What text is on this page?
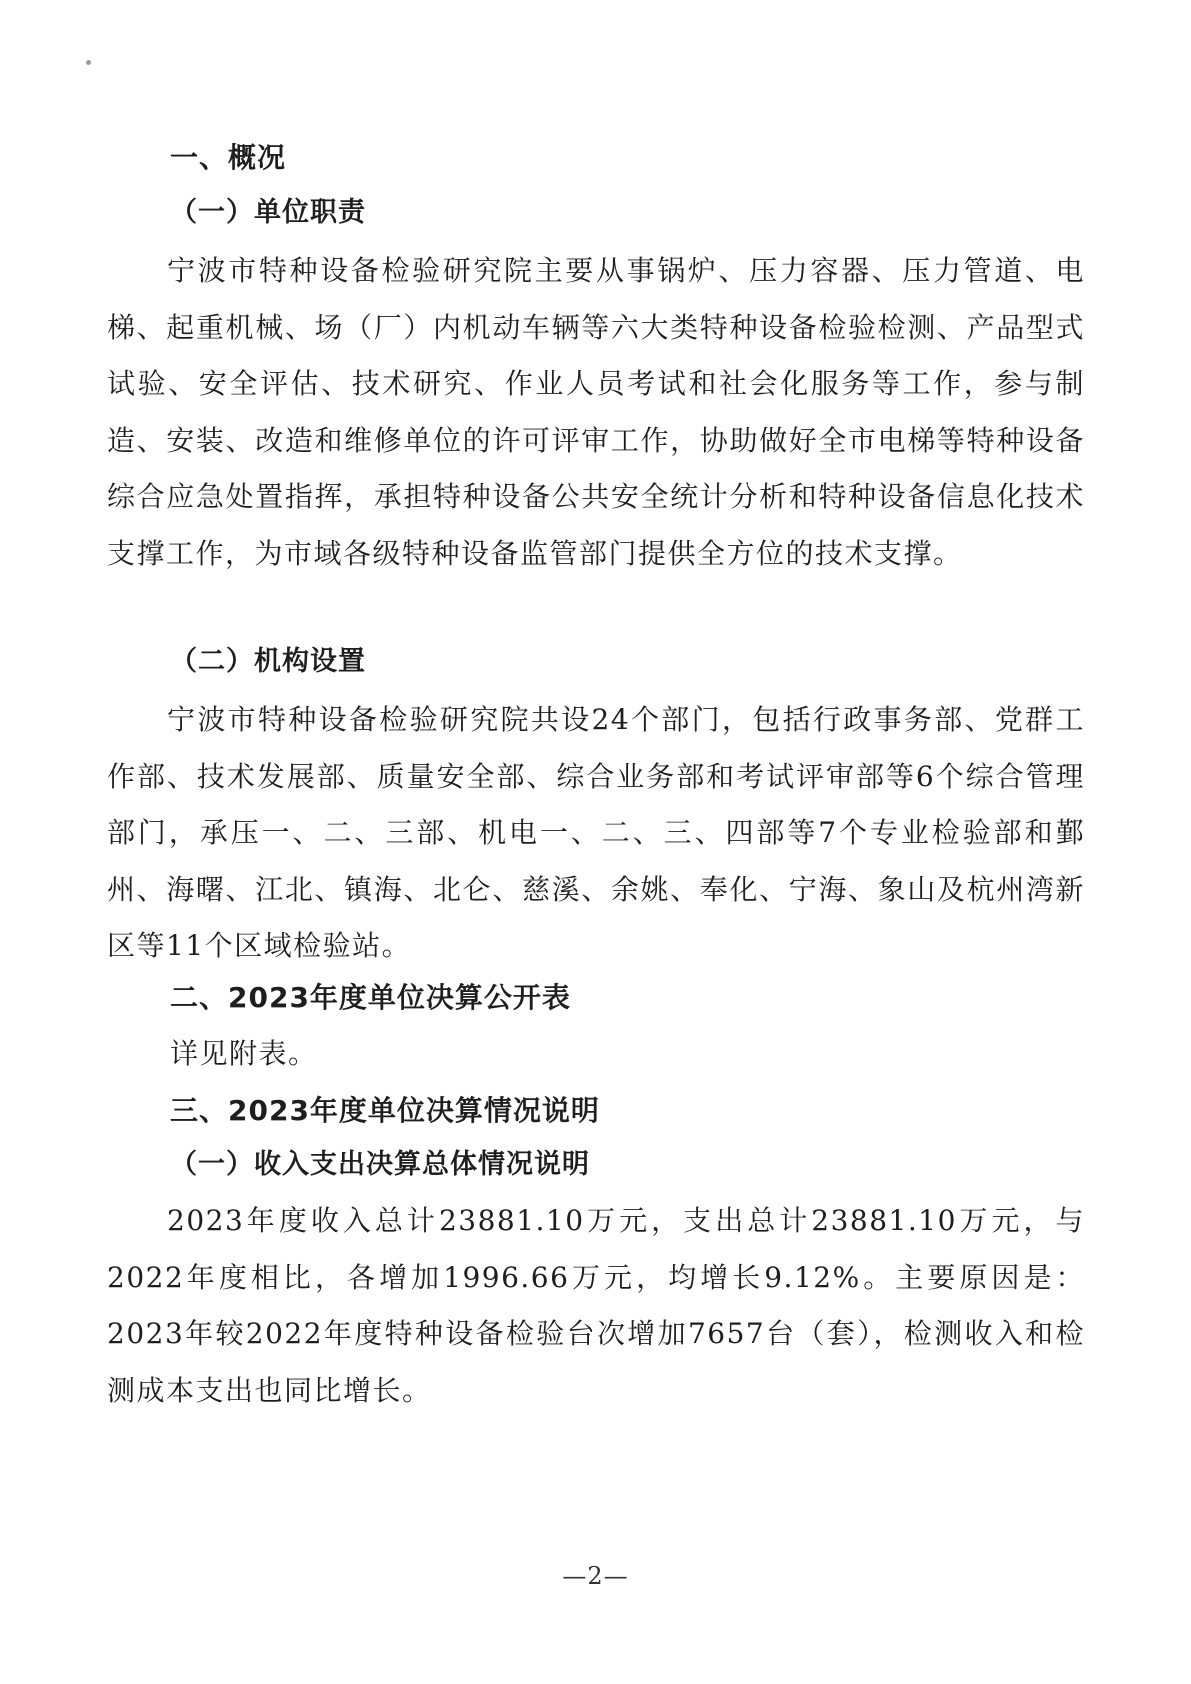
一、概况
（一）单位职责

宁波市特种设备检验研究院主要从事锅炉、压力容器、压力管道、电梯、起重机械、场（厂）内机动车辆等六大类特种设备检验检测、产品型式试验、安全评估、技术研究、作业人员考试和社会化服务等工作，参与制造、安装、改造和维修单位的许可评审工作，协助做好全市电梯等特种设备综合应急处置指挥，承担特种设备公共安全统计分析和特种设备信息化技术支撑工作，为市域各级特种设备监管部门提供全方位的技术支撑。

（二）机构设置

宁波市特种设备检验研究院共设24个部门，包括行政事务部、党群工作部、技术发展部、质量安全部、综合业务部和考试评审部等6个综合管理部门，承压一、二、三部、机电一、二、三、四部等7个专业检验部和鄞州、海曙、江北、镇海、北仑、慈溪、余姚、奉化、宁海、象山及杭州湾新区等11个区域检验站。

二、2023年度单位决算公开表
详见附表。
三、2023年度单位决算情况说明
（一）收入支出决算总体情况说明

2023年度收入总计23881.10万元，支出总计23881.10万元，与2022年度相比，各增加1996.66万元，均增长9.12%。主要原因是：2023年较2022年度特种设备检验台次增加7657台（套），检测收入和检测成本支出也同比增长。

—2—
